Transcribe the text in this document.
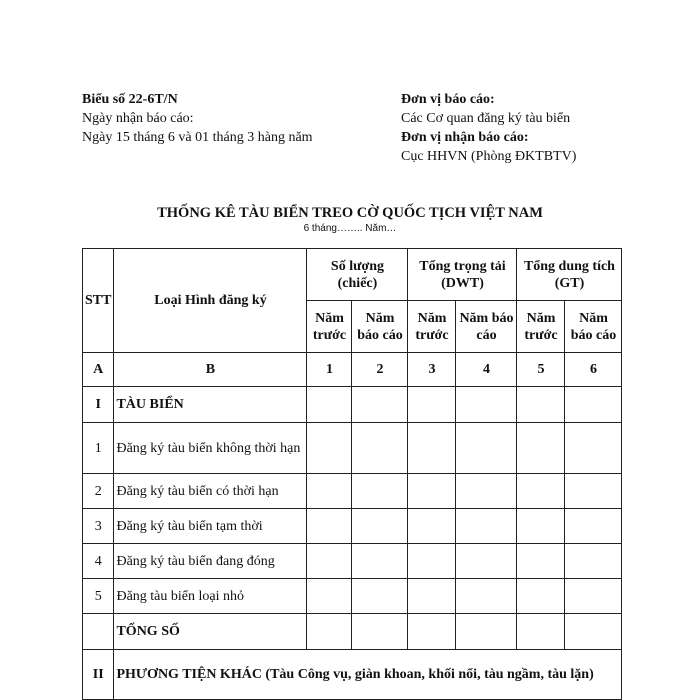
Biểu số 22-6T/N
Ngày nhận báo cáo:
Ngày 15 tháng 6 và 01 tháng 3 hàng năm
Đơn vị báo cáo:
Các Cơ quan đăng ký tàu biển
Đơn vị nhận báo cáo:
Cục HHVN (Phòng ĐKTBTV)
THỐNG KÊ TÀU BIỂN TREO CỜ QUỐC TỊCH VIỆT NAM
6 tháng…….. Năm…
STT	Loại Hình đăng ký	Số lượng (chiếc)		Tổng trọng tải (DWT)		Tổng dung tích (GT)	
		Năm trước	Năm báo cáo	Năm trước	Năm báo cáo	Năm trước	Năm báo cáo
A	B	1	2	3	4	5	6
I	TÀU BIỂN						
1	Đăng ký tàu biển không thời hạn						
2	Đăng ký tàu biển có thời hạn						
3	Đăng ký tàu biển tạm thời						
4	Đăng ký tàu biển đang đóng						
5	Đăng tàu biển loại nhỏ						
	TỔNG SỐ						
II	PHƯƠNG TIỆN KHÁC (Tàu Công vụ, giàn khoan, khối nổi, tàu ngầm, tàu lặn)						
